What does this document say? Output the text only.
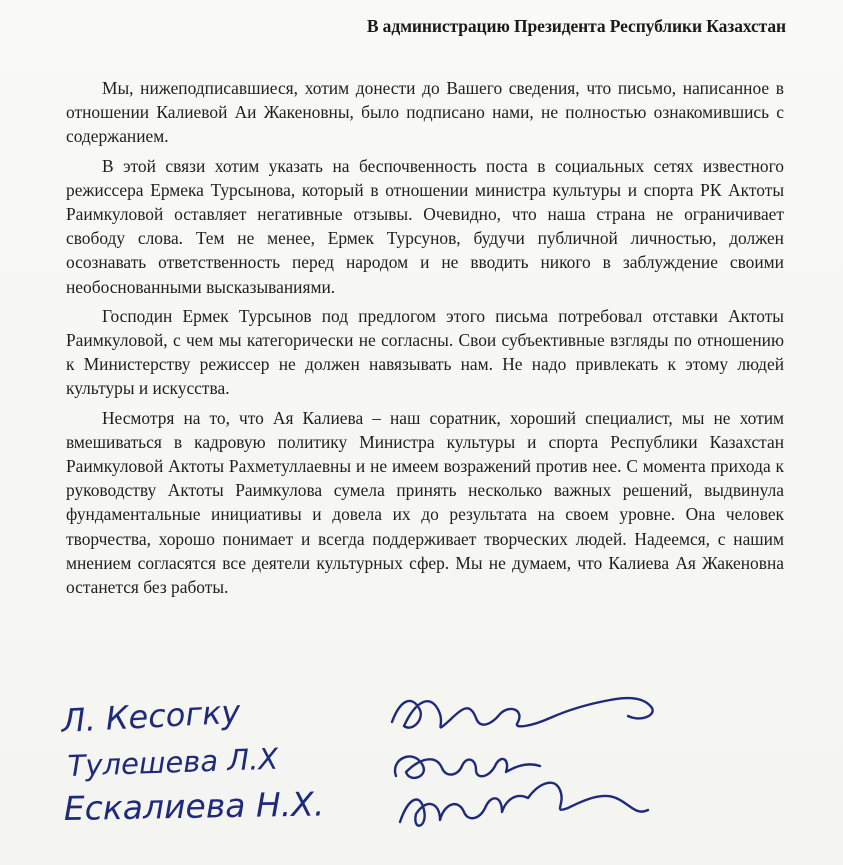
В администрацию Президента Республики Казахстан

Мы, нижеподписавшиеся, хотим донести до Вашего сведения, что письмо, написанное в отношении Калиевой Аи Жакеновны, было подписано нами, не полностью ознакомившись с содержанием.

В этой связи хотим указать на беспочвенность поста в социальных сетях известного режиссера Ермека Турсынова, который в отношении министра культуры и спорта РК Актоты Раимкуловой оставляет негативные отзывы. Очевидно, что наша страна не ограничивает свободу слова. Тем не менее, Ермек Турсунов, будучи публичной личностью, должен осознавать ответственность перед народом и не вводить никого в заблуждение своими необоснованными высказываниями.

Господин Ермек Турсынов под предлогом этого письма потребовал отставки Актоты Раимкуловой, с чем мы категорически не согласны. Свои субъективные взгляды по отношению к Министерству режиссер не должен навязывать нам. Не надо привлекать к этому людей культуры и искусства.

Несмотря на то, что Ая Калиева – наш соратник, хороший специалист, мы не хотим вмешиваться в кадровую политику Министра культуры и спорта Республики Казахстан Раимкуловой Актоты Рахметуллаевны и не имеем возражений против нее. С момента прихода к руководству Актоты Раимкулова сумела принять несколько важных решений, выдвинула фундаментальные инициативы и довела их до результата на своем уровне. Она человек творчества, хорошо понимает и всегда поддерживает творческих людей. Надеемся, с нашим мнением согласятся все деятели культурных сфер. Мы не думаем, что Калиева Ая Жакеновна останется без работы.

Л. Кесогку
Тулешева Л.Х
Ескалиева Н.Х.
